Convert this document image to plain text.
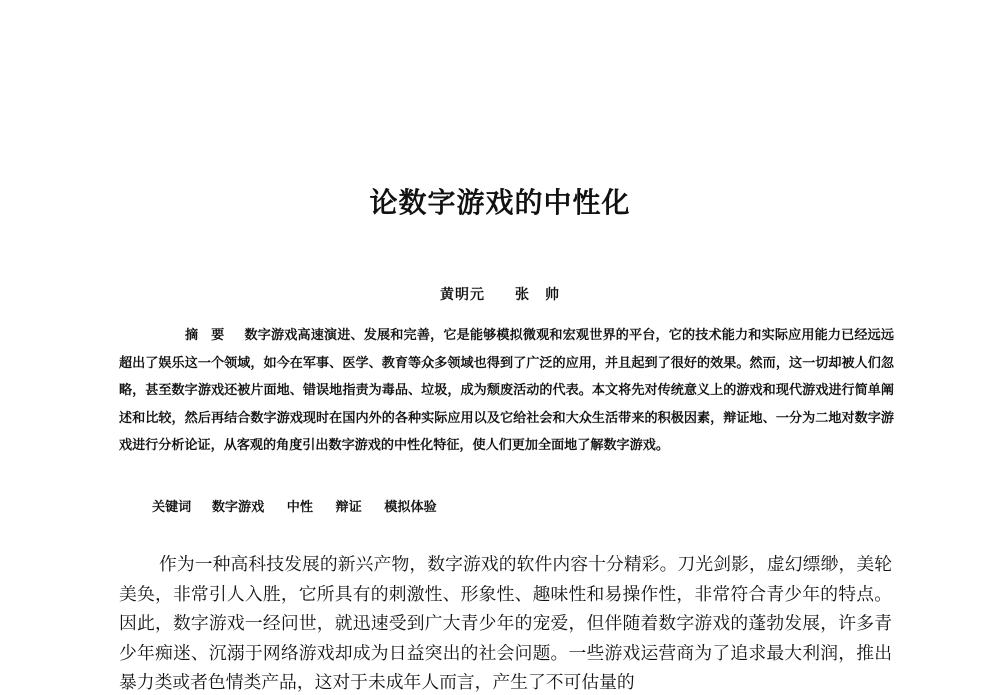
论数字游戏的中性化

黄明元 张　帅

摘　要 数字游戏高速演进、发展和完善，它是能够模拟微观和宏观世界的平台，它的技术能力和实际应用能力已经远远超出了娱乐这一个领域，如今在军事、医学、教育等众多领域也得到了广泛的应用，并且起到了很好的效果。然而，这一切却被人们忽略，甚至数字游戏还被片面地、错误地指责为毒品、垃圾，成为颓废活动的代表。本文将先对传统意义上的游戏和现代游戏进行简单阐述和比较，然后再结合数字游戏现时在国内外的各种实际应用以及它给社会和大众生活带来的积极因素，辩证地、一分为二地对数字游戏进行分析论证，从客观的角度引出数字游戏的中性化特征，使人们更加全面地了解数字游戏。

关键词 数字游戏 中性 辩证 模拟体验

作为一种高科技发展的新兴产物，数字游戏的软件内容十分精彩。刀光剑影，虚幻缥缈，美轮美奂，非常引人入胜，它所具有的刺激性、形象性、趣味性和易操作性，非常符合青少年的特点。因此，数字游戏一经问世，就迅速受到广大青少年的宠爱，但伴随着数字游戏的蓬勃发展，许多青少年痴迷、沉溺于网络游戏却成为日益突出的社会问题。一些游戏运营商为了追求最大利润，推出暴力类或者色情类产品，这对于未成年人而言，产生了不可估量的
